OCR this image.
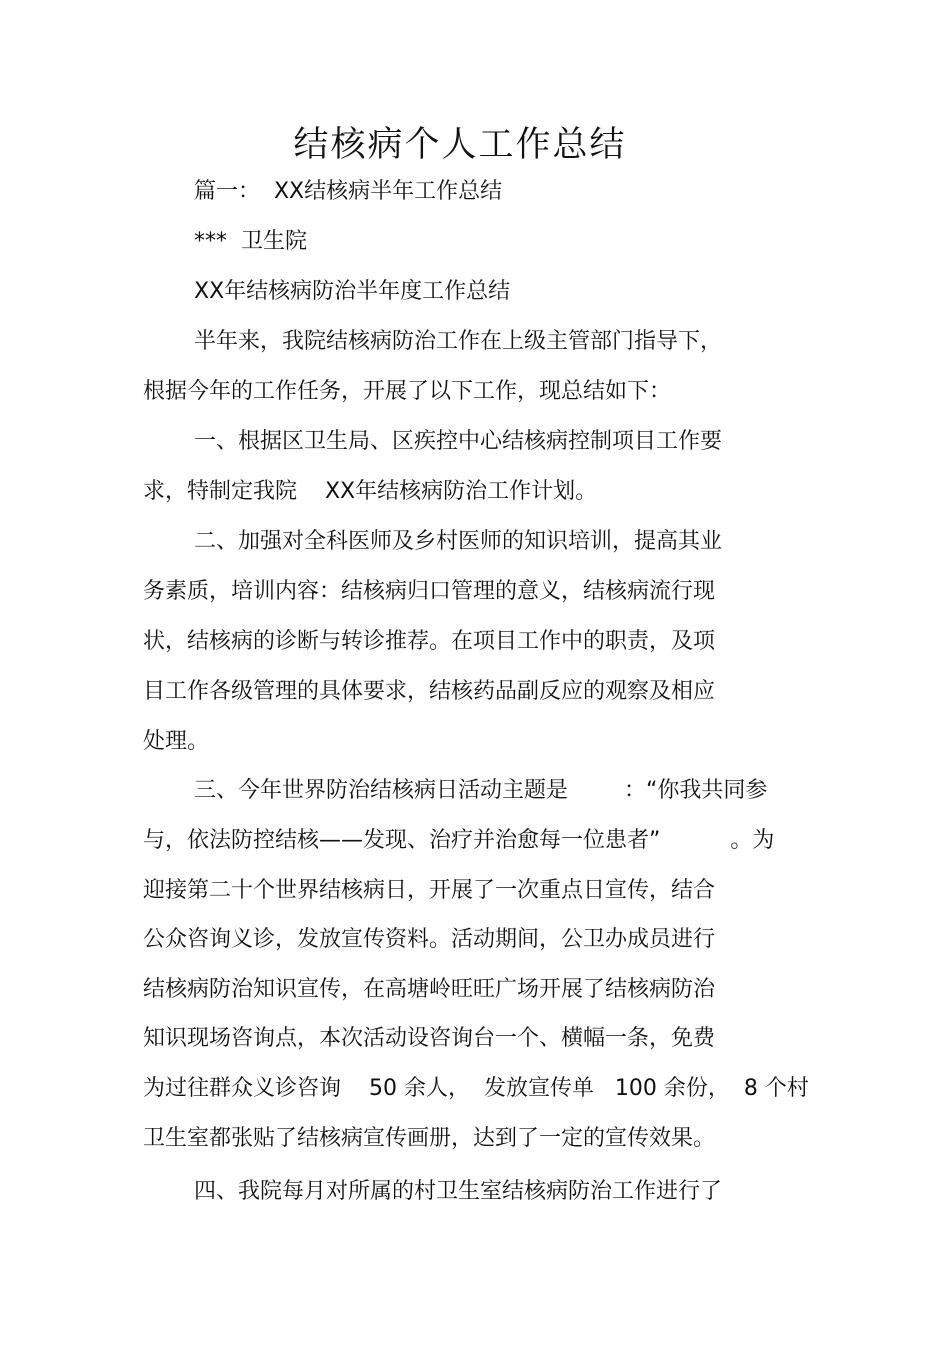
结核病个人工作总结
篇一：  XX结核病半年工作总结
***  卫生院
XX年结核病防治半年度工作总结
半年来，我院结核病防治工作在上级主管部门指导下，
根据今年的工作任务，开展了以下工作，现总结如下：
一、根据区卫生局、区疾控中心结核病控制项目工作要
求，特制定我院    XX年结核病防治工作计划。
二、加强对全科医师及乡村医师的知识培训，提高其业
务素质，培训内容：结核病归口管理的意义，结核病流行现
状，结核病的诊断与转诊推荐。在项目工作中的职责，及项
目工作各级管理的具体要求，结核药品副反应的观察及相应
处理。
三、今年世界防治结核病日活动主题是        ：“你我共同参
与，依法防控结核——发现、治疗并治愈每一位患者”          。为
迎接第二十个世界结核病日，开展了一次重点日宣传，结合
公众咨询义诊，发放宣传资料。活动期间，公卫办成员进行
结核病防治知识宣传，在高塘岭旺旺广场开展了结核病防治
知识现场咨询点，本次活动设咨询台一个、横幅一条，免费
为过往群众义诊咨询    50 余人，  发放宣传单   100 余份，  8 个村
卫生室都张贴了结核病宣传画册，达到了一定的宣传效果。
四、我院每月对所属的村卫生室结核病防治工作进行了
